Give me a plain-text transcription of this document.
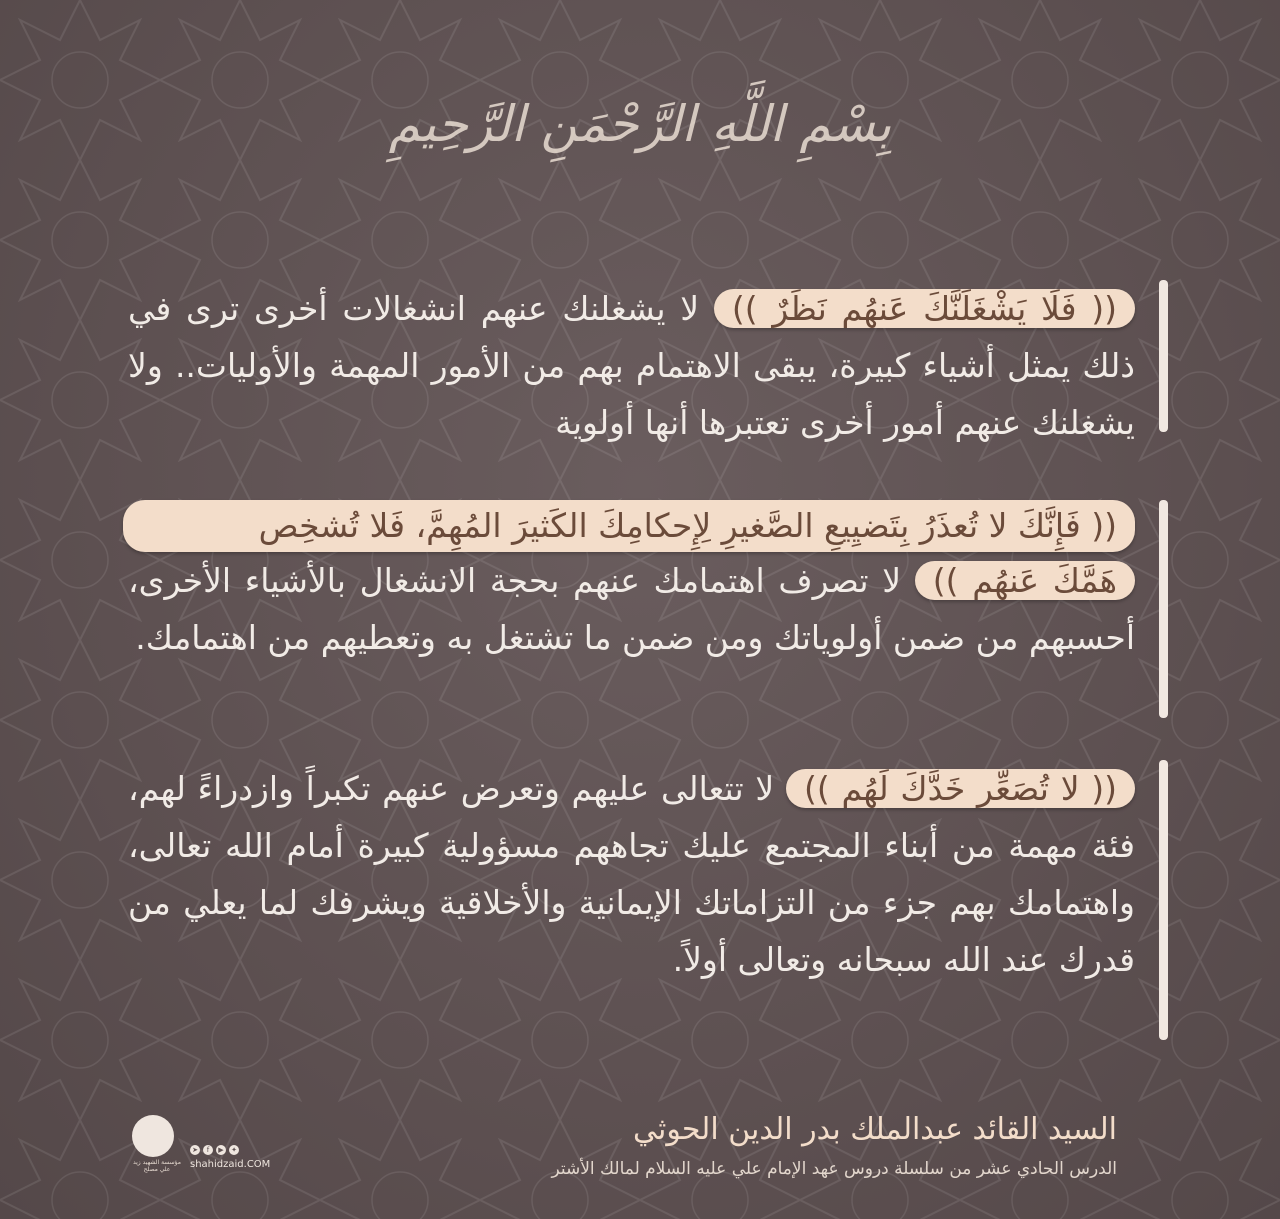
بِسْمِ اللَّهِ الرَّحْمَنِ الرَّحِيمِ

(( فَلَا يَشْغَلَنَّكَ عَنهُم نَظَرٌ )) لا يشغلنك عنهم انشغالات أخرى ترى في ذلك يمثل أشياء كبيرة، يبقى الاهتمام بهم من الأمور المهمة والأوليات.. ولا يشغلنك عنهم أمور أخرى تعتبرها أنها أولوية

(( فَإِنَّكَ لا تُعذَرُ بِتَضيِيعِ الصَّغيرِ لِإِحكامِكَ الكَثيرَ المُهِمَّ، فَلا تُشخِص

هَمَّكَ عَنهُم )) لا تصرف اهتمامك عنهم بحجة الانشغال بالأشياء الأخرى، أحسبهم من ضمن أولوياتك ومن ضمن ما تشتغل به وتعطيهم من اهتمامك.

(( لا تُصَعِّر خَدَّكَ لَهُم )) لا تتعالى عليهم وتعرض عنهم تكبراً وازدراءً لهم، فئة مهمة من أبناء المجتمع عليك تجاههم مسؤولية كبيرة أمام الله تعالى، واهتمامك بهم جزء من التزاماتك الإيمانية والأخلاقية ويشرفك لما يعلي من قدرك عند الله سبحانه وتعالى أولاً.

السيد القائد عبدالملك بدر الدين الحوثي
الدرس الحادي عشر من سلسلة دروس عهد الإمام علي عليه السلام لمالك الأشتر
مؤسسة الشهيد زيد علي مصلح
➤	f	▶	✦
shahidzaid.COM
